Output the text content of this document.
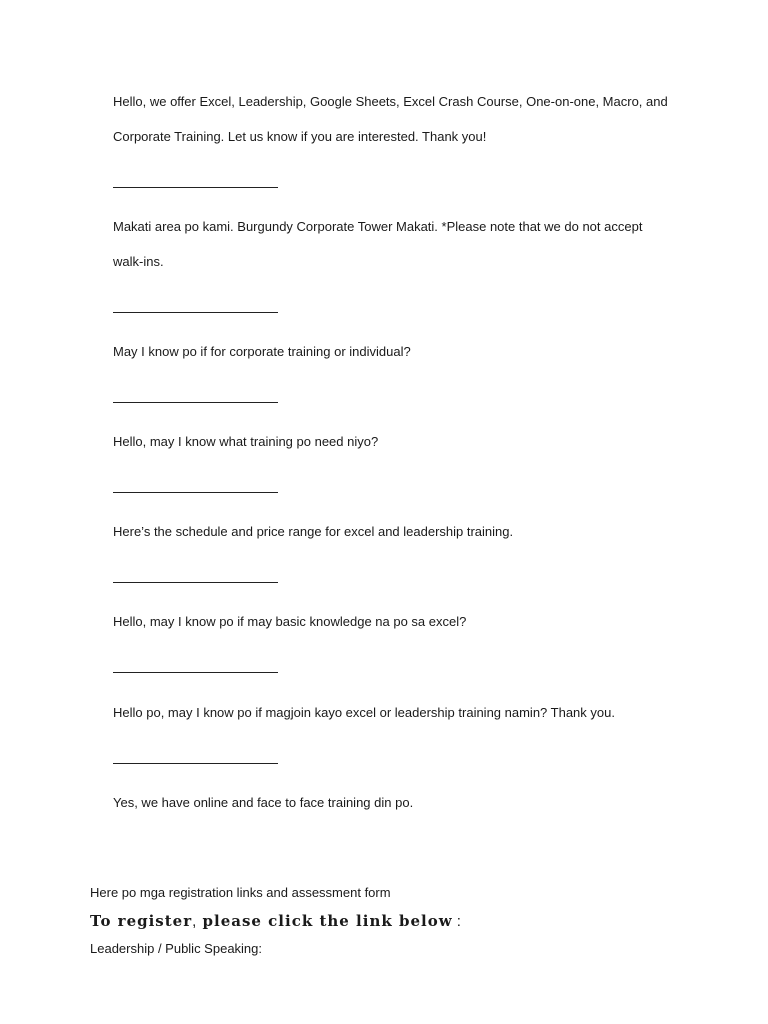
Hello, we offer Excel, Leadership, Google Sheets, Excel Crash Course, One-on-one, Macro, and Corporate Training. Let us know if you are interested. Thank you!

Makati area po kami. Burgundy Corporate Tower Makati. *Please note that we do not accept walk-ins.

May I know po if for corporate training or individual?

Hello, may I know what training po need niyo?

Here’s the schedule and price range for excel and leadership training.

Hello, may I know po if may basic knowledge na po sa excel?

Hello po, may I know po if magjoin kayo excel or leadership training namin? Thank you.

Yes, we have online and face to face training din po.

Here po mga registration links and assessment form

To register, please click the link below :

Leadership / Public Speaking:
